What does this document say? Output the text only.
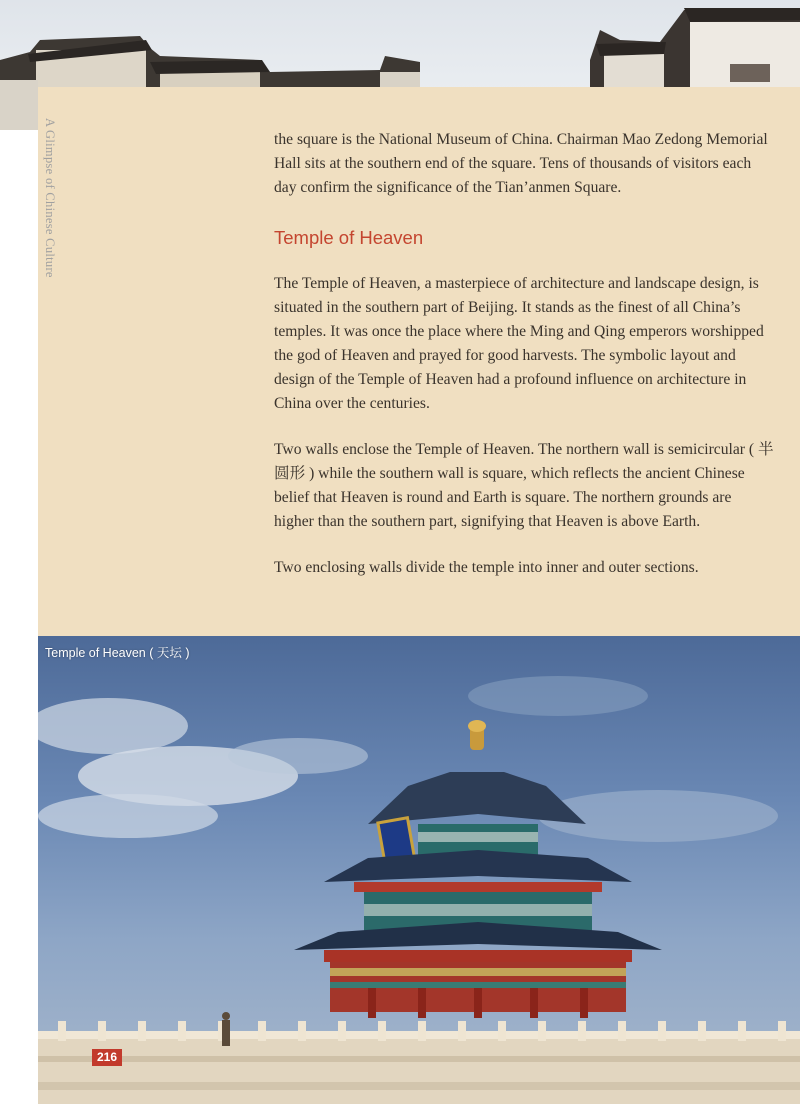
A Glimpse of Chinese Culture	the square is the National Museum of China. Chairman Mao Zedong Memorial Hall sits at the southern end of the square. Tens of thousands of visitors each day confirm the significance of the Tian’anmen Square.

Temple of Heaven

The Temple of Heaven, a masterpiece of architecture and landscape design, is situated in the southern part of Beijing. It stands as the finest of all China’s temples. It was once the place where the Ming and Qing emperors worshipped the god of Heaven and prayed for good harvests. The symbolic layout and design of the Temple of Heaven had a profound influence on architecture in China over the centuries.

Two walls enclose the Temple of Heaven. The northern wall is semicircular ( 半圆形 ) while the southern wall is square, which reflects the ancient Chinese belief that Heaven is round and Earth is square. The northern grounds are higher than the southern part, signifying that Heaven is above Earth.

Two enclosing walls divide the temple into inner and outer sections.

Temple of Heaven ( 天坛 )
216
